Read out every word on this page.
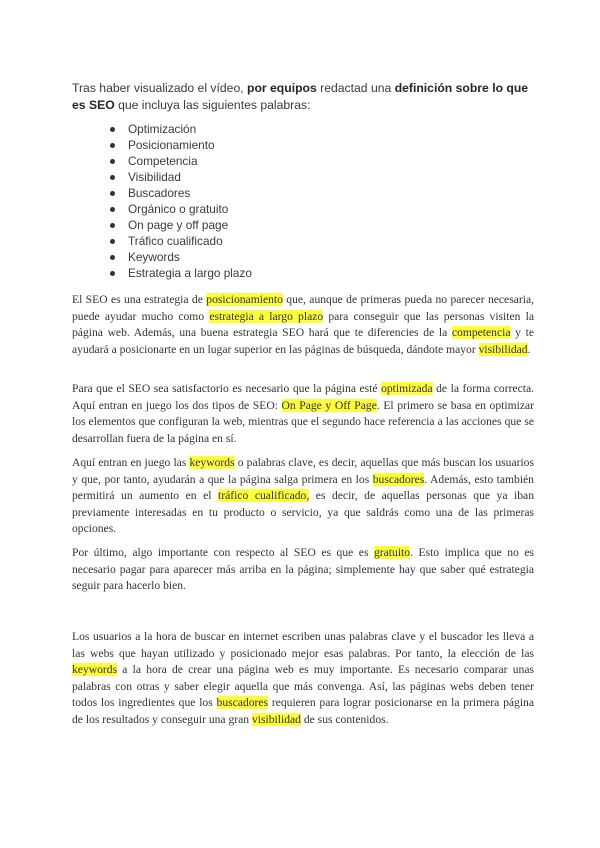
Tras haber visualizado el vídeo, por equipos redactad una definición sobre lo que es SEO que incluya las siguientes palabras:

Optimización
Posicionamiento
Competencia
Visibilidad
Buscadores
Orgánico o gratuito
On page y off page
Tráfico cualificado
Keywords
Estrategia a largo plazo

El SEO es una estrategia de posicionamiento que, aunque de primeras pueda no parecer necesaria, puede ayudar mucho como estrategia a largo plazo para conseguir que las personas visiten la página web. Además, una buena estrategia SEO hará que te diferencies de la competencia y te ayudará a posicionarte en un lugar superior en las páginas de búsqueda, dándote mayor visibilidad.

Para que el SEO sea satisfactorio es necesario que la página esté optimizada de la forma correcta. Aquí entran en juego los dos tipos de SEO: On Page y Off Page. El primero se basa en optimizar los elementos que configuran la web, mientras que el segundo hace referencia a las acciones que se desarrollan fuera de la página en sí.

Aquí entran en juego las keywords o palabras clave, es decir, aquellas que más buscan los usuarios y que, por tanto, ayudarán a que la página salga primera en los buscadores. Además, esto también permitirá un aumento en el tráfico cualificado, es decir, de aquellas personas que ya iban previamente interesadas en tu producto o servicio, ya que saldrás como una de las primeras opciones.

Por último, algo importante con respecto al SEO es que es gratuito. Esto implica que no es necesario pagar para aparecer más arriba en la página; simplemente hay que saber qué estrategia seguir para hacerlo bien.

Los usuarios a la hora de buscar en internet escriben unas palabras clave y el buscador les lleva a las webs que hayan utilizado y posicionado mejor esas palabras. Por tanto, la elección de las keywords a la hora de crear una página web es muy importante. Es necesario comparar unas palabras con otras y saber elegir aquella que más convenga. Así, las páginas webs deben tener todos los ingredientes que los buscadores requieren para lograr posicionarse en la primera página de los resultados y conseguir una gran visibilidad de sus contenidos.
